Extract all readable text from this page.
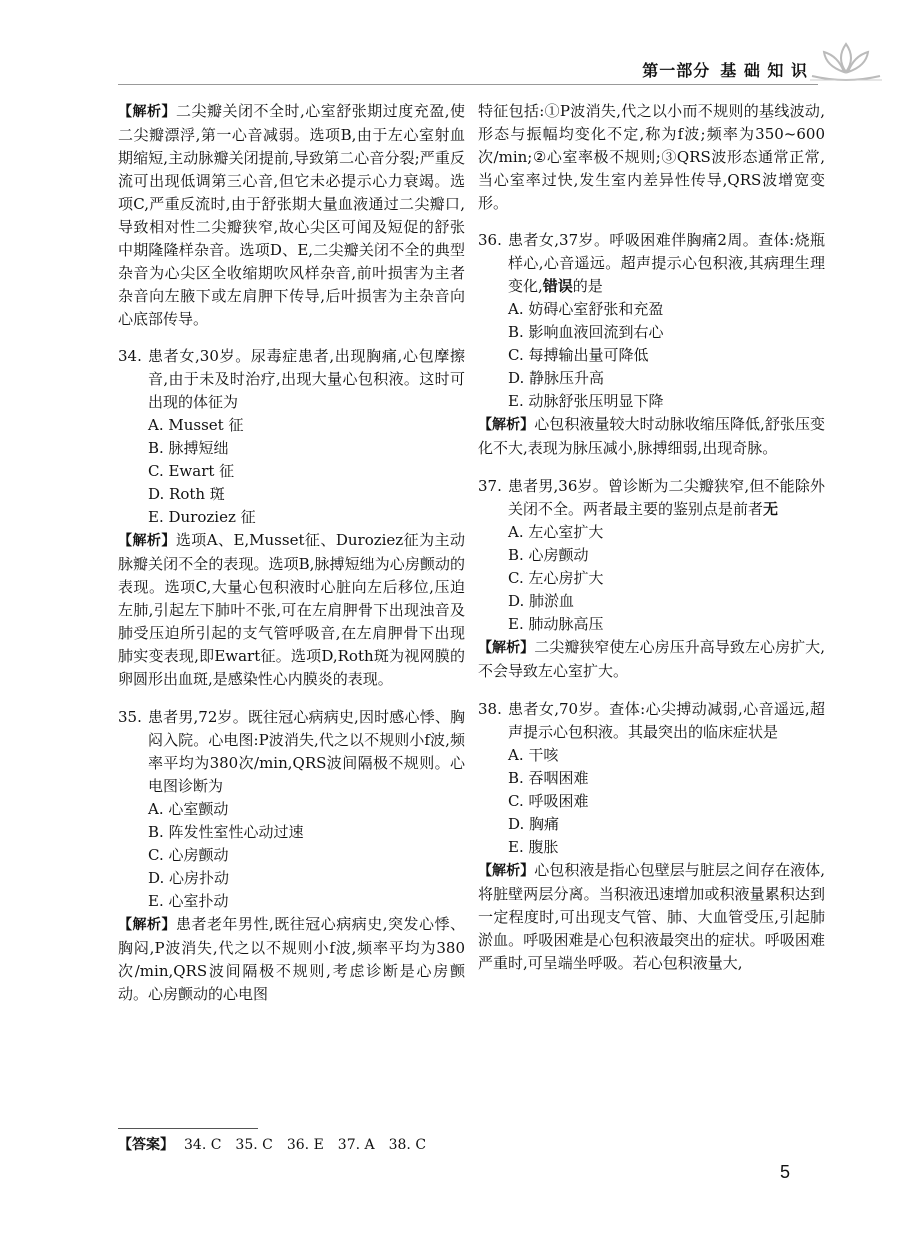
第一部分 基 础 知 识

【解析】二尖瓣关闭不全时,心室舒张期过度充盈,使二尖瓣漂浮,第一心音减弱。选项B,由于左心室射血期缩短,主动脉瓣关闭提前,导致第二心音分裂;严重反流可出现低调第三心音,但它未必提示心力衰竭。选项C,严重反流时,由于舒张期大量血液通过二尖瓣口,导致相对性二尖瓣狭窄,故心尖区可闻及短促的舒张中期隆隆样杂音。选项D、E,二尖瓣关闭不全的典型杂音为心尖区全收缩期吹风样杂音,前叶损害为主者杂音向左腋下或左肩胛下传导,后叶损害为主杂音向心底部传导。

34. 患者女,30岁。尿毒症患者,出现胸痛,心包摩擦音,由于未及时治疗,出现大量心包积液。这时可出现的体征为
A. Musset 征
B. 脉搏短绌
C. Ewart 征
D. Roth 斑
E. Duroziez 征

【解析】选项A、E,Musset征、Duroziez征为主动脉瓣关闭不全的表现。选项B,脉搏短绌为心房颤动的表现。选项C,大量心包积液时心脏向左后移位,压迫左肺,引起左下肺叶不张,可在左肩胛骨下出现浊音及肺受压迫所引起的支气管呼吸音,在左肩胛骨下出现肺实变表现,即Ewart征。选项D,Roth斑为视网膜的卵圆形出血斑,是感染性心内膜炎的表现。

35. 患者男,72岁。既往冠心病病史,因时感心悸、胸闷入院。心电图:P波消失,代之以不规则小f波,频率平均为380次/min,QRS波间隔极不规则。心电图诊断为
A. 心室颤动
B. 阵发性室性心动过速
C. 心房颤动
D. 心房扑动
E. 心室扑动

【解析】患者老年男性,既往冠心病病史,突发心悸、胸闷,P波消失,代之以不规则小f波,频率平均为380次/min,QRS波间隔极不规则,考虑诊断是心房颤动。心房颤动的心电图

特征包括:①P波消失,代之以小而不规则的基线波动,形态与振幅均变化不定,称为f波;频率为350~600次/min;②心室率极不规则;③QRS波形态通常正常,当心室率过快,发生室内差异性传导,QRS波增宽变形。

36. 患者女,37岁。呼吸困难伴胸痛2周。查体:烧瓶样心,心音遥远。超声提示心包积液,其病理生理变化,错误的是
A. 妨碍心室舒张和充盈
B. 影响血液回流到右心
C. 每搏输出量可降低
D. 静脉压升高
E. 动脉舒张压明显下降

【解析】心包积液量较大时动脉收缩压降低,舒张压变化不大,表现为脉压减小,脉搏细弱,出现奇脉。

37. 患者男,36岁。曾诊断为二尖瓣狭窄,但不能除外关闭不全。两者最主要的鉴别点是前者无
A. 左心室扩大
B. 心房颤动
C. 左心房扩大
D. 肺淤血
E. 肺动脉高压

【解析】二尖瓣狭窄使左心房压升高导致左心房扩大,不会导致左心室扩大。

38. 患者女,70岁。查体:心尖搏动减弱,心音遥远,超声提示心包积液。其最突出的临床症状是
A. 干咳
B. 吞咽困难
C. 呼吸困难
D. 胸痛
E. 腹胀

【解析】心包积液是指心包壁层与脏层之间存在液体,将脏壁两层分离。当积液迅速增加或积液量累积达到一定程度时,可出现支气管、肺、大血管受压,引起肺淤血。呼吸困难是心包积液最突出的症状。呼吸困难严重时,可呈端坐呼吸。若心包积液量大,

【答案】 34. C　35. C　36. E　37. A　38. C
5
